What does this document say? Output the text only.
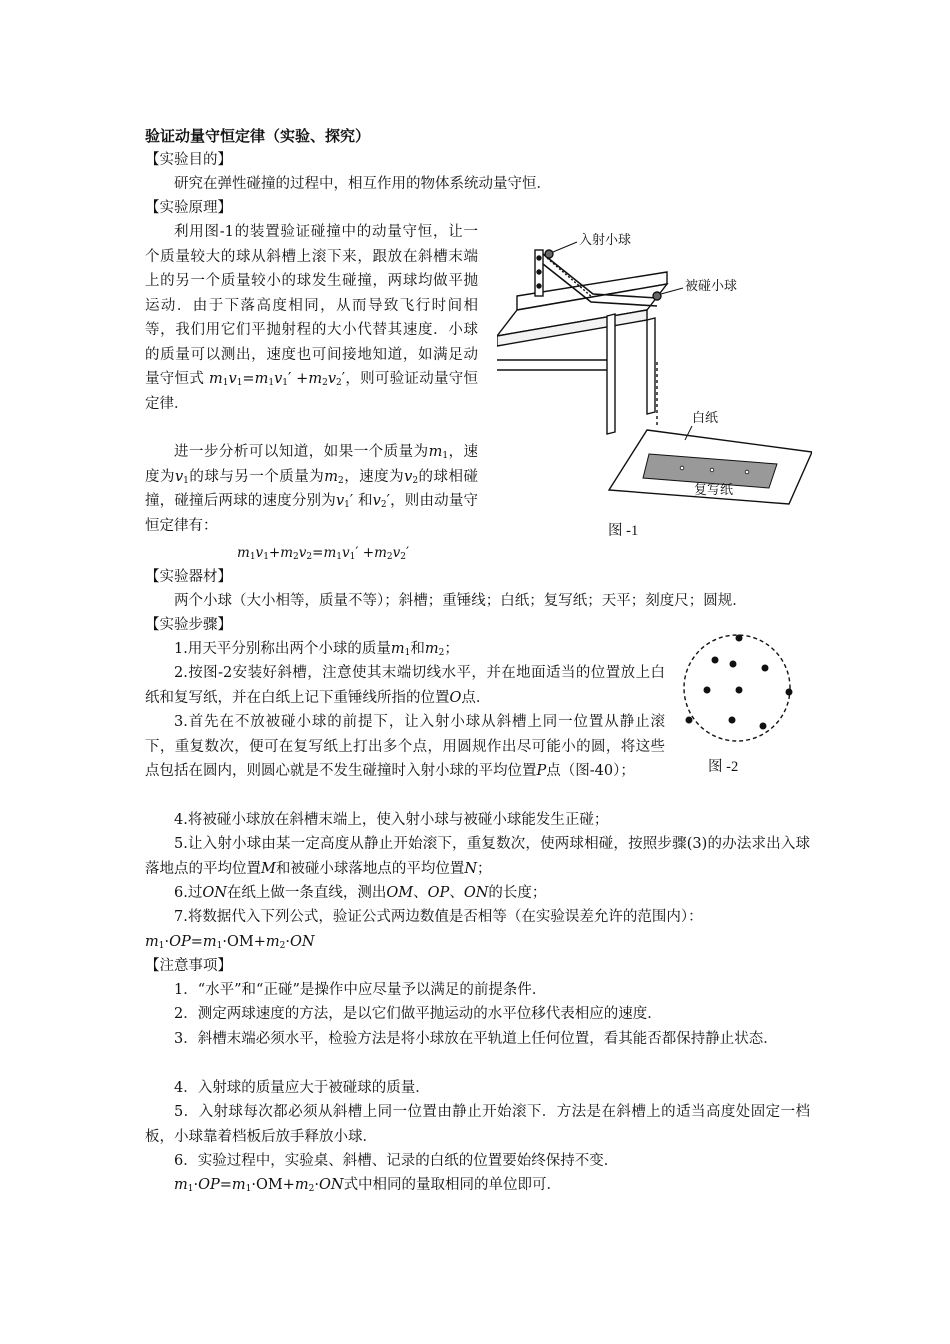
验证动量守恒定律（实验、探究）

【实验目的】

研究在弹性碰撞的过程中，相互作用的物体系统动量守恒．

【实验原理】

利用图-1的装置验证碰撞中的动量守恒，让一个质量较大的球从斜槽上滚下来，跟放在斜槽末端上的另一个质量较小的球发生碰撞，两球均做平抛运动．由于下落高度相同，从而导致飞行时间相等，我们用它们平抛射程的大小代替其速度．小球的质量可以测出，速度也可间接地知道，如满足动量守恒式 $m_1v_1=m_1v_1' +m_2v_2'$，则可验证动量守恒定律．

进一步分析可以知道，如果一个质量为$m_1$，速度为$v_1$的球与另一个质量为$m_2$，速度为$v_2$的球相碰撞，碰撞后两球的速度分别为$v_1'$ 和$v_2'$，则由动量守恒定律有：

$m_1v_1+m_2v_2=m_1v_1' +m_2v_2'$

【实验器材】

两个小球（大小相等，质量不等）；斜槽；重锤线；白纸；复写纸；天平；刻度尺；圆规．

【实验步骤】

1.用天平分别称出两个小球的质量$m_1$和$m_2$；

2.按图-2安装好斜槽，注意使其末端切线水平，并在地面适当的位置放上白纸和复写纸，并在白纸上记下重锤线所指的位置O点．

3.首先在不放被碰小球的前提下，让入射小球从斜槽上同一位置从静止滚下，重复数次，便可在复写纸上打出多个点，用圆规作出尽可能小的圆，将这些点包括在圆内，则圆心就是不发生碰撞时入射小球的平均位置P点（图-40）；

4.将被碰小球放在斜槽末端上，使入射小球与被碰小球能发生正碰；

5.让入射小球由某一定高度从静止开始滚下，重复数次，使两球相碰，按照步骤(3)的办法求出入球落地点的平均位置M和被碰小球落地点的平均位置N；

6.过ON在纸上做一条直线，测出OM、OP、ON的长度；

7.将数据代入下列公式，验证公式两边数值是否相等（在实验误差允许的范围内）：

$m_1\cdot OP=m_1\cdot OM+m_2\cdot ON$

【注意事项】

1．“水平”和“正碰”是操作中应尽量予以满足的前提条件．

2．测定两球速度的方法，是以它们做平抛运动的水平位移代表相应的速度．

3．斜槽末端必须水平，检验方法是将小球放在平轨道上任何位置，看其能否都保持静止状态．

4．入射球的质量应大于被碰球的质量．

5．入射球每次都必须从斜槽上同一位置由静止开始滚下．方法是在斜槽上的适当高度处固定一档板，小球靠着档板后放手释放小球．

6．实验过程中，实验桌、斜槽、记录的白纸的位置要始终保持不变．

$m_1\cdot OP=m_1\cdot OM+m_2\cdot ON$式中相同的量取相同的单位即可．

入射小球
被碰小球
白纸
复写纸
图 -1
图 -2
